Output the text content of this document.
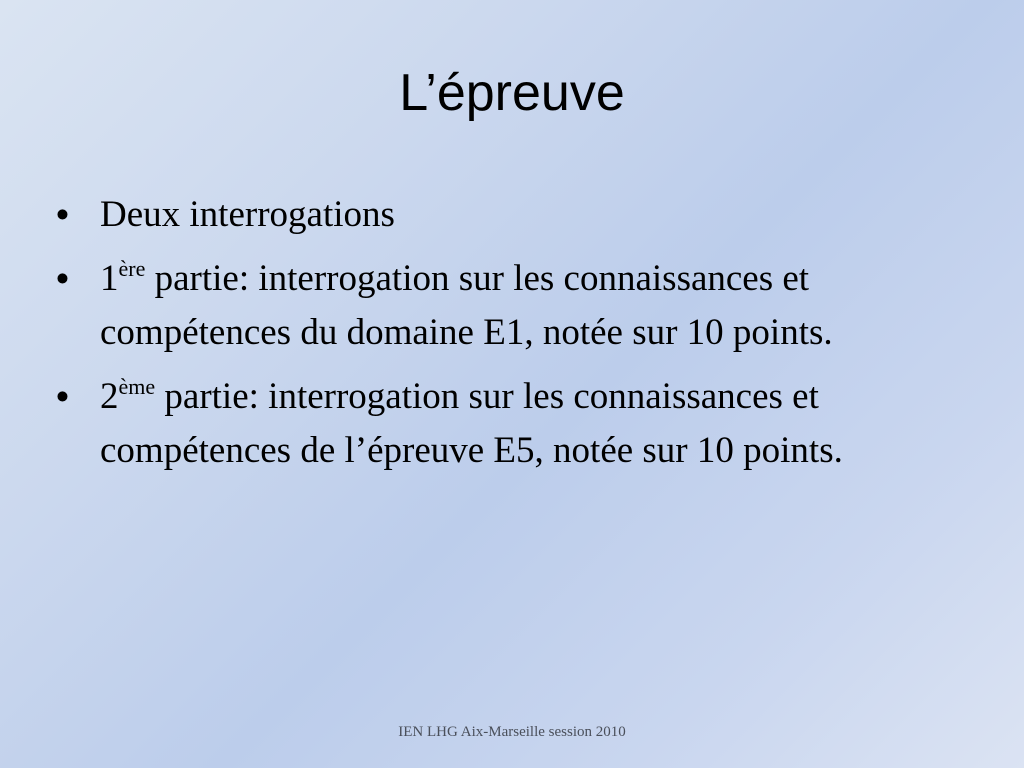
L’épreuve
• Deux interrogations
• 1ère partie: interrogation sur les connaissances et compétences du domaine E1, notée sur 10 points.
• 2ème partie: interrogation sur les connaissances et compétences de l’épreuve E5, notée sur 10 points.
IEN LHG Aix-Marseille session 2010
